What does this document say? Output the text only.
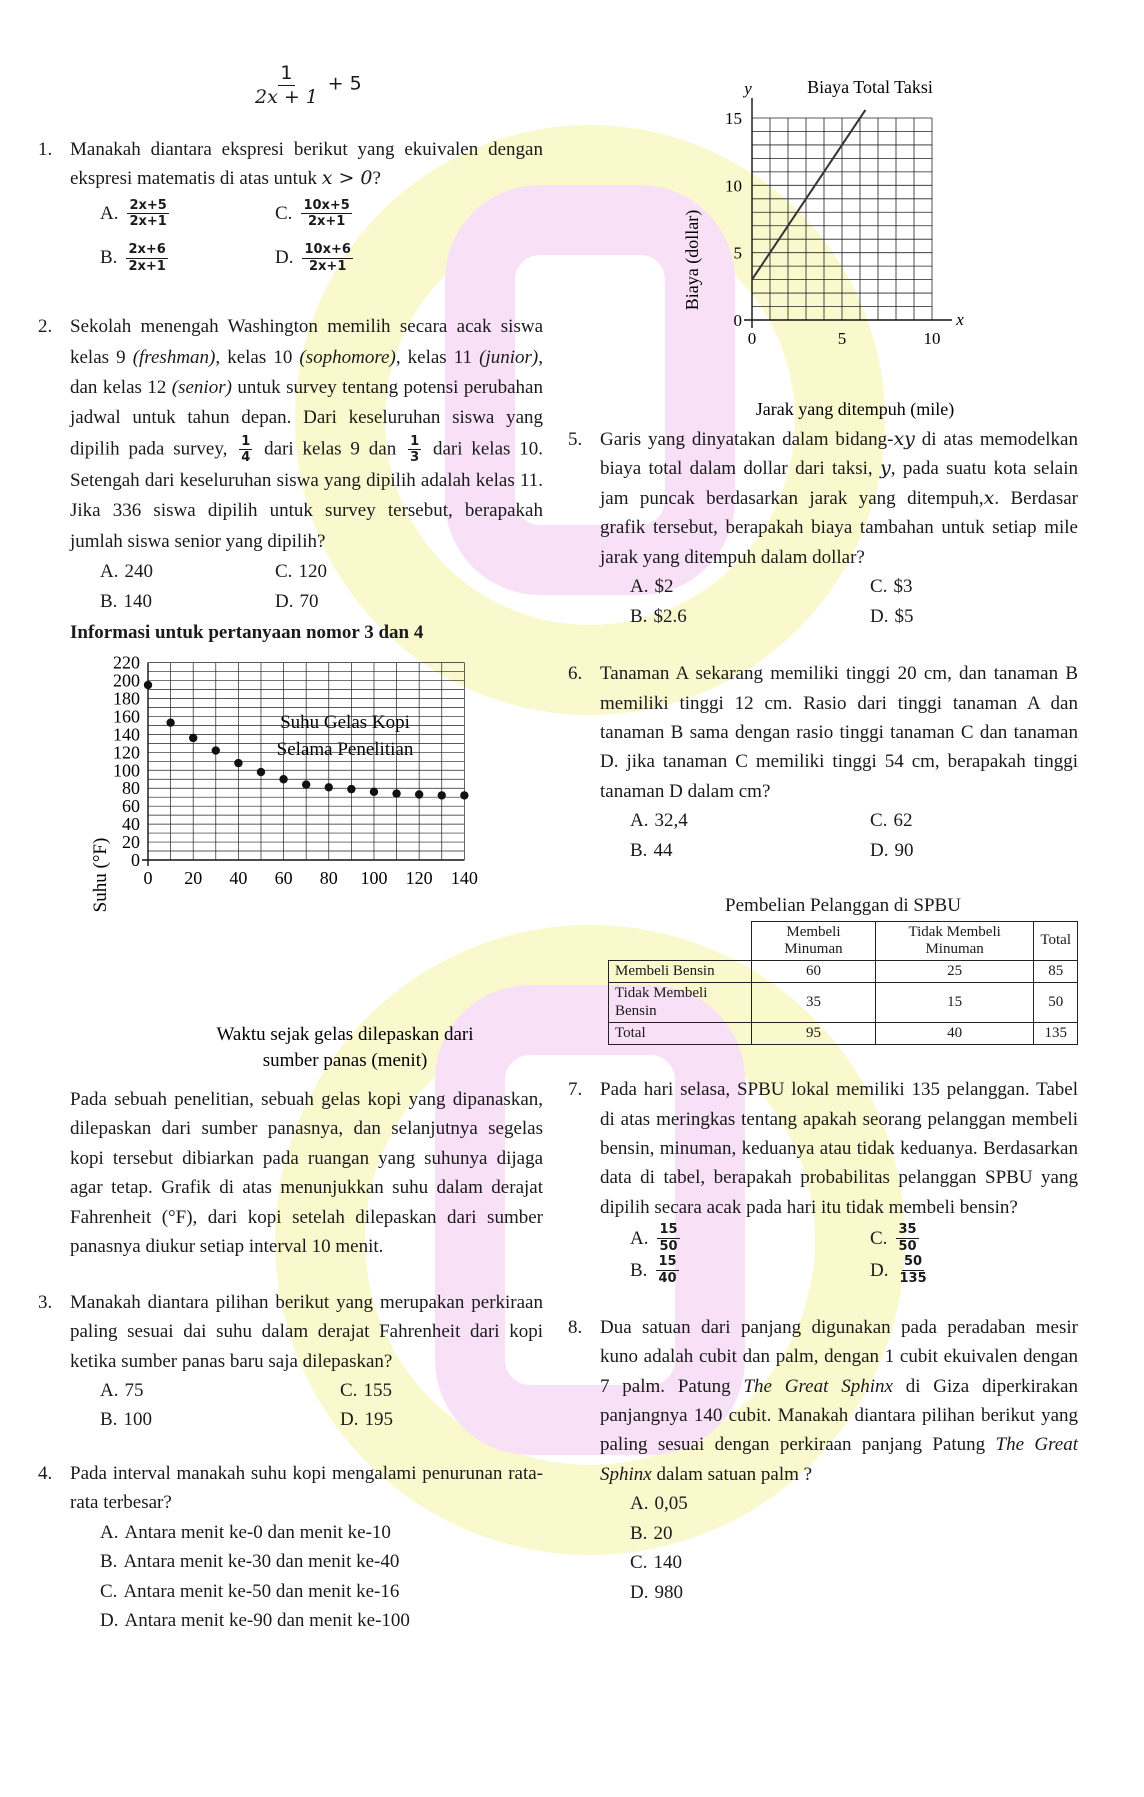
$\frac{1}{2x + 1} + 5$
1. Manakah diantara ekspresi berikut yang ekuivalen dengan ekspresi matematis di atas untuk x > 0?
A. $\frac{2x+5}{2x+1}$	C. $\frac{10x+5}{2x+1}$
B. $\frac{2x+6}{2x+1}$	D. $\frac{10x+6}{2x+1}$
2. Sekolah menengah Washington memilih secara acak siswa kelas 9 (freshman), kelas 10 (sophomore), kelas 11 (junior), dan kelas 12 (senior) untuk survey tentang potensi perubahan jadwal untuk tahun depan. Dari keseluruhan siswa yang dipilih pada survey, $\frac{1}{4}$ dari kelas 9 dan $\frac{1}{3}$ dari kelas 10. Setengah dari keseluruhan siswa yang dipilih adalah kelas 11. Jika 336 siswa dipilih untuk survey tersebut, berapakah jumlah siswa senior yang dipilih?
A. 240	C. 120
B. 140	D. 70
Informasi untuk pertanyaan nomor 3 dan 4
Suhu Gelas Kopi
Selama Penelitian
0
20
40
60
80
100
120
140
160
180
200
220
0 20 40 60 80 100 120 140
Suhu (°F)
Waktu sejak gelas dilepaskan dari
sumber panas (menit)
Pada sebuah penelitian, sebuah gelas kopi yang dipanaskan, dilepaskan dari sumber panasnya, dan selanjutnya segelas kopi tersebut dibiarkan pada ruangan yang suhunya dijaga agar tetap. Grafik di atas menunjukkan suhu dalam derajat Fahrenheit (°F), dari kopi setelah dilepaskan dari sumber panasnya diukur setiap interval 10 menit.
3. Manakah diantara pilihan berikut yang merupakan perkiraan paling sesuai dai suhu dalam derajat Fahrenheit dari kopi ketika sumber panas baru saja dilepaskan?
A. 75	C. 155
B. 100	D. 195
4. Pada interval manakah suhu kopi mengalami penurunan rata-rata terbesar?
A. Antara menit ke-0 dan menit ke-10
B. Antara menit ke-30 dan menit ke-40
C. Antara menit ke-50 dan menit ke-16
D. Antara menit ke-90 dan menit ke-100
Biaya Total Taksi
y
x
0
5
10
15
0	5	10
Biaya (dollar)
Jarak yang ditempuh (mile)
5. Garis yang dinyatakan dalam bidang-xy di atas memodelkan biaya total dalam dollar dari taksi, y, pada suatu kota selain jam puncak berdasarkan jarak yang ditempuh,x. Berdasar grafik tersebut, berapakah biaya tambahan untuk setiap mile jarak yang ditempuh dalam dollar?
A. $2	C. $3
B. $2.6	D. $5
6. Tanaman A sekarang memiliki tinggi 20 cm, dan tanaman B memiliki tinggi 12 cm. Rasio dari tinggi tanaman A dan tanaman B sama dengan rasio tinggi tanaman C dan tanaman D. jika tanaman C memiliki tinggi 54 cm, berapakah tinggi tanaman D dalam cm?
A. 32,4	C. 62
B. 44	D. 90
Pembelian Pelanggan di SPBU
	Membeli Minuman	Tidak Membeli Minuman	Total
Membeli Bensin	60	25	85
Tidak Membeli Bensin	35	15	50
Total	95	40	135
7. Pada hari selasa, SPBU lokal memiliki 135 pelanggan. Tabel di atas meringkas tentang apakah seorang pelanggan membeli bensin, minuman, keduanya atau tidak keduanya. Berdasarkan data di tabel, berapakah probabilitas pelanggan SPBU yang dipilih secara acak pada hari itu tidak membeli bensin?
A. $\frac{15}{50}$	C. $\frac{35}{50}$
B. $\frac{15}{40}$	D. $\frac{50}{135}$
8. Dua satuan dari panjang digunakan pada peradaban mesir kuno adalah cubit dan palm, dengan 1 cubit ekuivalen dengan 7 palm. Patung The Great Sphinx di Giza diperkirakan panjangnya 140 cubit. Manakah diantara pilihan berikut yang paling sesuai dengan perkiraan panjang Patung The Great Sphinx dalam satuan palm ?
A. 0,05
B. 20
C. 140
D. 980
